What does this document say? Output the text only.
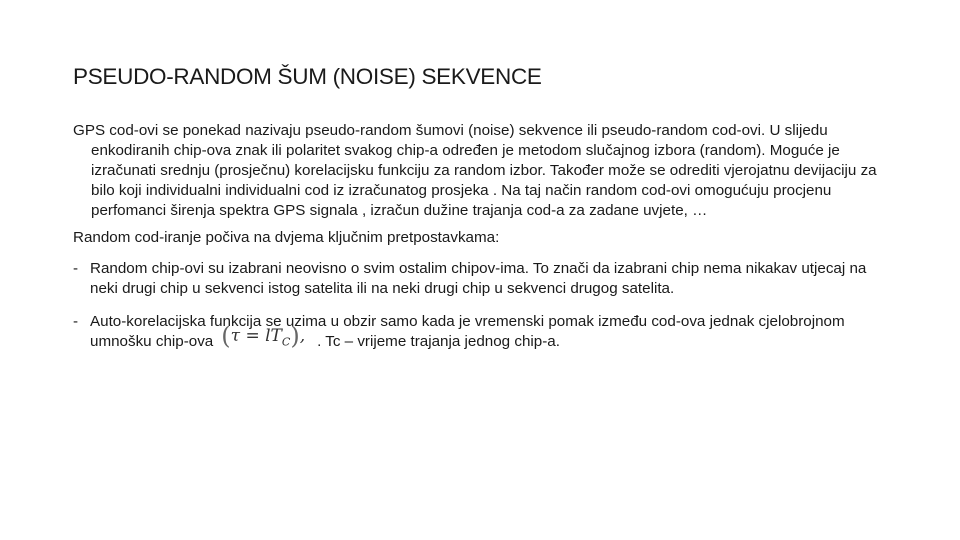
PSEUDO-RANDOM ŠUM (NOISE) SEKVENCE

GPS cod-ovi se ponekad nazivaju pseudo-random šumovi (noise) sekvence ili pseudo-random cod-ovi. U slijedu enkodiranih chip-ova znak ili polaritet svakog chip-a određen je metodom slučajnog izbora (random). Moguće je izračunati srednju (prosječnu) korelacijsku funkciju za random izbor. Također može se odrediti vjerojatnu devijaciju za bilo koji individualni individualni cod iz izračunatog prosjeka . Na taj način random cod-ovi omogućuju procjenu perfomanci širenja spektra GPS signala , izračun dužine trajanja cod-a za zadane uvjete, …

Random cod-iranje počiva na dvjema ključnim pretpostavkama:

- Random chip-ovi su izabrani neovisno o svim ostalim chipov-ima. To znači da izabrani chip nema nikakav utjecaj na neki drugi chip u sekvenci istog satelita ili na neki drugi chip u sekvenci drugog satelita.
- Auto-korelacijska funkcija se uzima u obzir samo kada je vremenski pomak između cod-ova jednak cjelobrojnom umnošku chip-ova $(\tau = lT_C)$, . Tc – vrijeme trajanja jednog chip-a.
